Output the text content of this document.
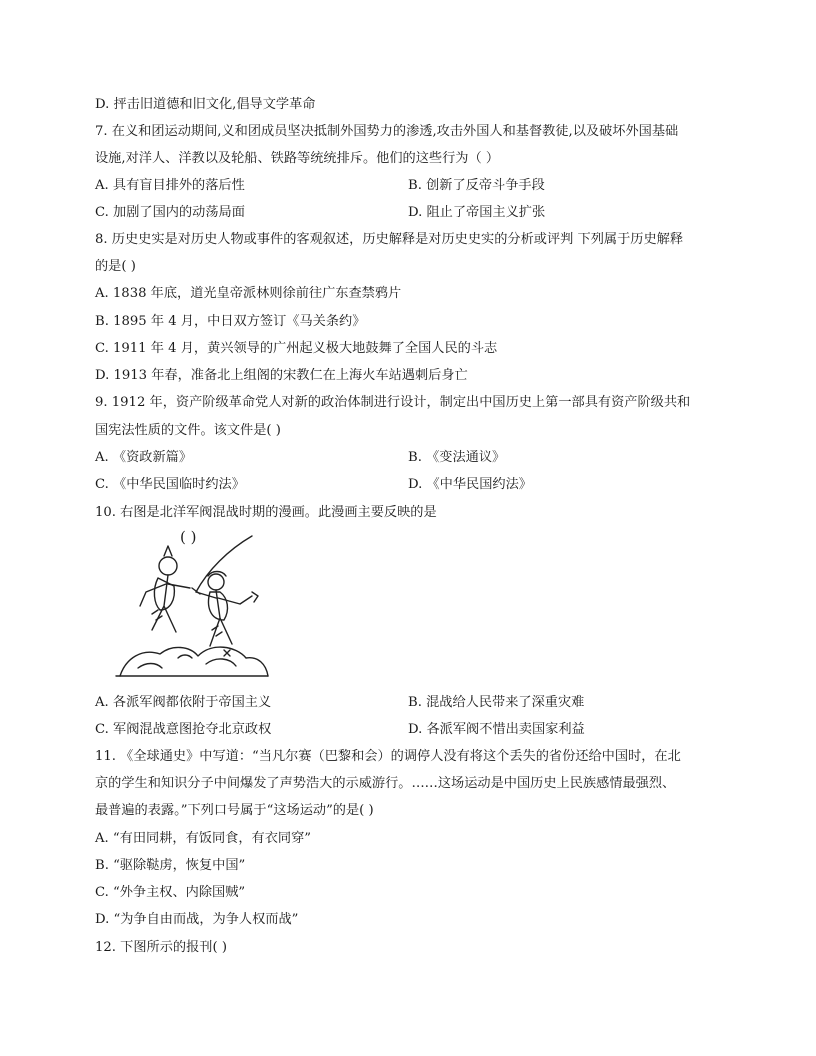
D. 抨击旧道德和旧文化,倡导文学革命
7. 在义和团运动期间,义和团成员坚决抵制外国势力的渗透,攻击外国人和基督教徒,以及破坏外国基础
设施,对洋人、洋教以及轮船、铁路等统统排斥。他们的这些行为（ ）
A. 具有盲目排外的落后性	B. 创新了反帝斗争手段
C. 加剧了国内的动荡局面	D. 阻止了帝国主义扩张
8. 历史史实是对历史人物或事件的客观叙述，历史解释是对历史史实的分析或评判 下列属于历史解释
的是( )
A. 1838 年底，道光皇帝派林则徐前往广东查禁鸦片
B. 1895 年 4 月，中日双方签订《马关条约》
C. 1911 年 4 月，黄兴领导的广州起义极大地鼓舞了全国人民的斗志
D. 1913 年春，准备北上组阁的宋教仁在上海火车站遇刺后身亡
9. 1912 年，资产阶级革命党人对新的政治体制进行设计，制定出中国历史上第一部具有资产阶级共和
国宪法性质的文件。该文件是( )
A. 《资政新篇》	B. 《变法通议》
C. 《中华民国临时约法》	D. 《中华民国约法》
10. 右图是北洋军阀混战时期的漫画。此漫画主要反映的是
( )
A. 各派军阀都依附于帝国主义	B. 混战给人民带来了深重灾难
C. 军阀混战意图抢夺北京政权	D. 各派军阀不惜出卖国家利益
11. 《全球通史》中写道：“当凡尔赛（巴黎和会）的调停人没有将这个丢失的省份还给中国时，在北
京的学生和知识分子中间爆发了声势浩大的示威游行。……这场运动是中国历史上民族感情最强烈、
最普遍的表露。”下列口号属于“这场运动”的是( )
A. “有田同耕，有饭同食，有衣同穿”
B. “驱除鞑虏，恢复中国”
C. “外争主权、内除国贼”
D. “为争自由而战，为争人权而战”
12. 下图所示的报刊( )
